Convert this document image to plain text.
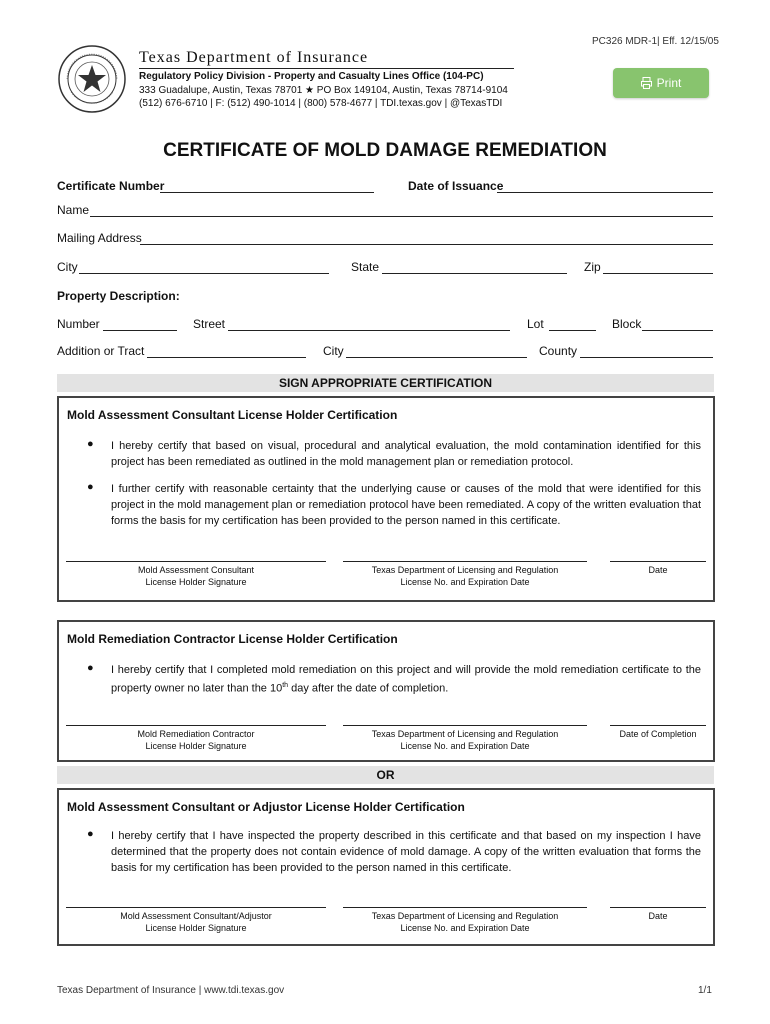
PC326 MDR-1| Eff. 12/15/05
Texas Department of Insurance
Regulatory Policy Division - Property and Casualty Lines Office (104-PC)
333 Guadalupe, Austin, Texas 78701 ★ PO Box 149104, Austin, Texas 78714-9104
(512) 676-6710 | F: (512) 490-1014 | (800) 578-4677 | TDI.texas.gov | @TexasTDI
Print
CERTIFICATE OF MOLD DAMAGE REMEDIATION
Certificate Number	Date of Issuance
Name
Mailing Address
City	State	Zip
Property Description:
Number	Street	Lot	Block
Addition or Tract	City	County
SIGN APPROPRIATE CERTIFICATION
Mold Assessment Consultant License Holder Certification
● I hereby certify that based on visual, procedural and analytical evaluation, the mold contamination identified for this project has been remediated as outlined in the mold management plan or remediation protocol.
● I further certify with reasonable certainty that the underlying cause or causes of the mold that were identified for this project in the mold management plan or remediation protocol have been remediated. A copy of the written evaluation that forms the basis for my certification has been provided to the person named in this certificate.
Mold Assessment Consultant
License Holder Signature
Texas Department of Licensing and Regulation
License No. and Expiration Date
Date
Mold Remediation Contractor License Holder Certification
● I hereby certify that I completed mold remediation on this project and will provide the mold remediation certificate to the property owner no later than the 10th day after the date of completion.
Mold Remediation Contractor
License Holder Signature
Texas Department of Licensing and Regulation
License No. and Expiration Date
Date of Completion
OR
Mold Assessment Consultant or Adjustor License Holder Certification
● I hereby certify that I have inspected the property described in this certificate and that based on my inspection I have determined that the property does not contain evidence of mold damage. A copy of the written evaluation that forms the basis for my certification has been provided to the person named in this certificate.
Mold Assessment Consultant/Adjustor
License Holder Signature
Texas Department of Licensing and Regulation
License No. and Expiration Date
Date
Texas Department of Insurance | www.tdi.texas.gov	1/1
